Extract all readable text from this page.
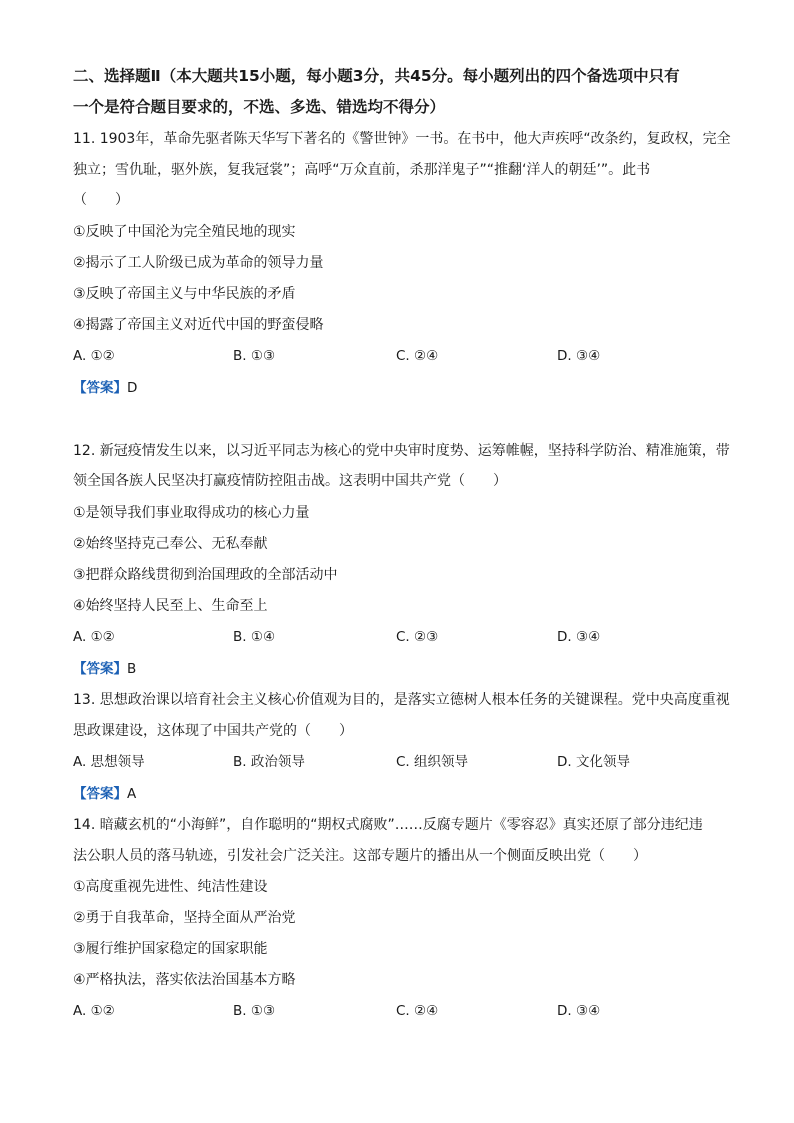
二、选择题Ⅱ（本大题共15小题，每小题3分，共45分。每小题列出的四个备选项中只有
一个是符合题目要求的，不选、多选、错选均不得分）
11. 1903年，革命先驱者陈天华写下著名的《警世钟》一书。在书中，他大声疾呼“改条约，复政权，完全
独立；雪仇耻，驱外族，复我冠裳”；高呼“万众直前，杀那洋鬼子”“推翻‘洋人的朝廷’”。此书
（　　）
①反映了中国沦为完全殖民地的现实
②揭示了工人阶级已成为革命的领导力量
③反映了帝国主义与中华民族的矛盾
④揭露了帝国主义对近代中国的野蛮侵略
A. ①②	B. ①③	C. ②④	D. ③④
【答案】D
12. 新冠疫情发生以来，以习近平同志为核心的党中央审时度势、运筹帷幄，坚持科学防治、精准施策，带
领全国各族人民坚决打赢疫情防控阻击战。这表明中国共产党（　　）
①是领导我们事业取得成功的核心力量
②始终坚持克己奉公、无私奉献
③把群众路线贯彻到治国理政的全部活动中
④始终坚持人民至上、生命至上
A. ①②	B. ①④	C. ②③	D. ③④
【答案】B
13. 思想政治课以培育社会主义核心价值观为目的，是落实立德树人根本任务的关键课程。党中央高度重视
思政课建设，这体现了中国共产党的（　　）
A. 思想领导	B. 政治领导	C. 组织领导	D. 文化领导
【答案】A
14. 暗藏玄机的“小海鲜”，自作聪明的“期权式腐败”……反腐专题片《零容忍》真实还原了部分违纪违
法公职人员的落马轨迹，引发社会广泛关注。这部专题片的播出从一个侧面反映出党（　　）
①高度重视先进性、纯洁性建设
②勇于自我革命，坚持全面从严治党
③履行维护国家稳定的国家职能
④严格执法，落实依法治国基本方略
A. ①②	B. ①③	C. ②④	D. ③④
